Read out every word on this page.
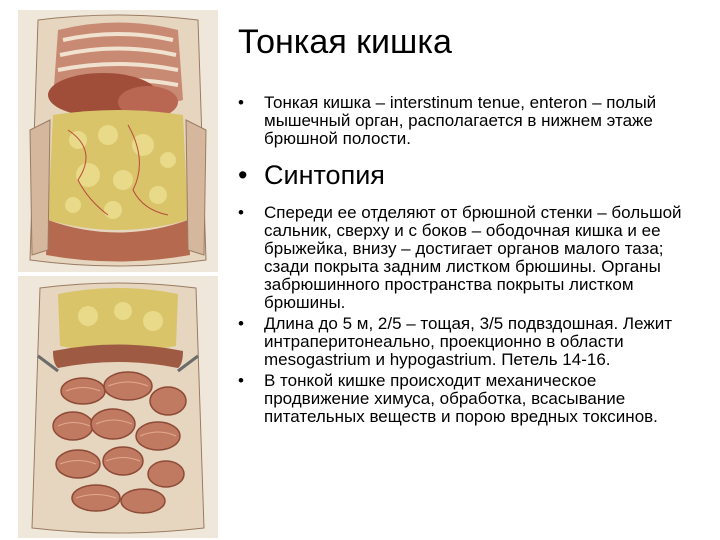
Тонкая кишка
• Тонкая кишка – interstinum tenue, enteron – полый мышечный орган, располагается в нижнем этаже брюшной полости.
• Синтопия
• Спереди ее отделяют от брюшной стенки – большой сальник, сверху и с боков – ободочная кишка и ее брыжейка, внизу – достигает органов малого таза; сзади покрыта задним листком брюшины. Органы забрюшинного пространства покрыты листком брюшины.
• Длина до 5 м, 2/5 – тощая, 3/5 подвздошная. Лежит интраперитонеально, проекционно в области mesogastrium и hypogastrium. Петель 14-16.
• В тонкой кишке происходит механическое продвижение химуса, обработка, всасывание питательных веществ и порою вредных токсинов.
